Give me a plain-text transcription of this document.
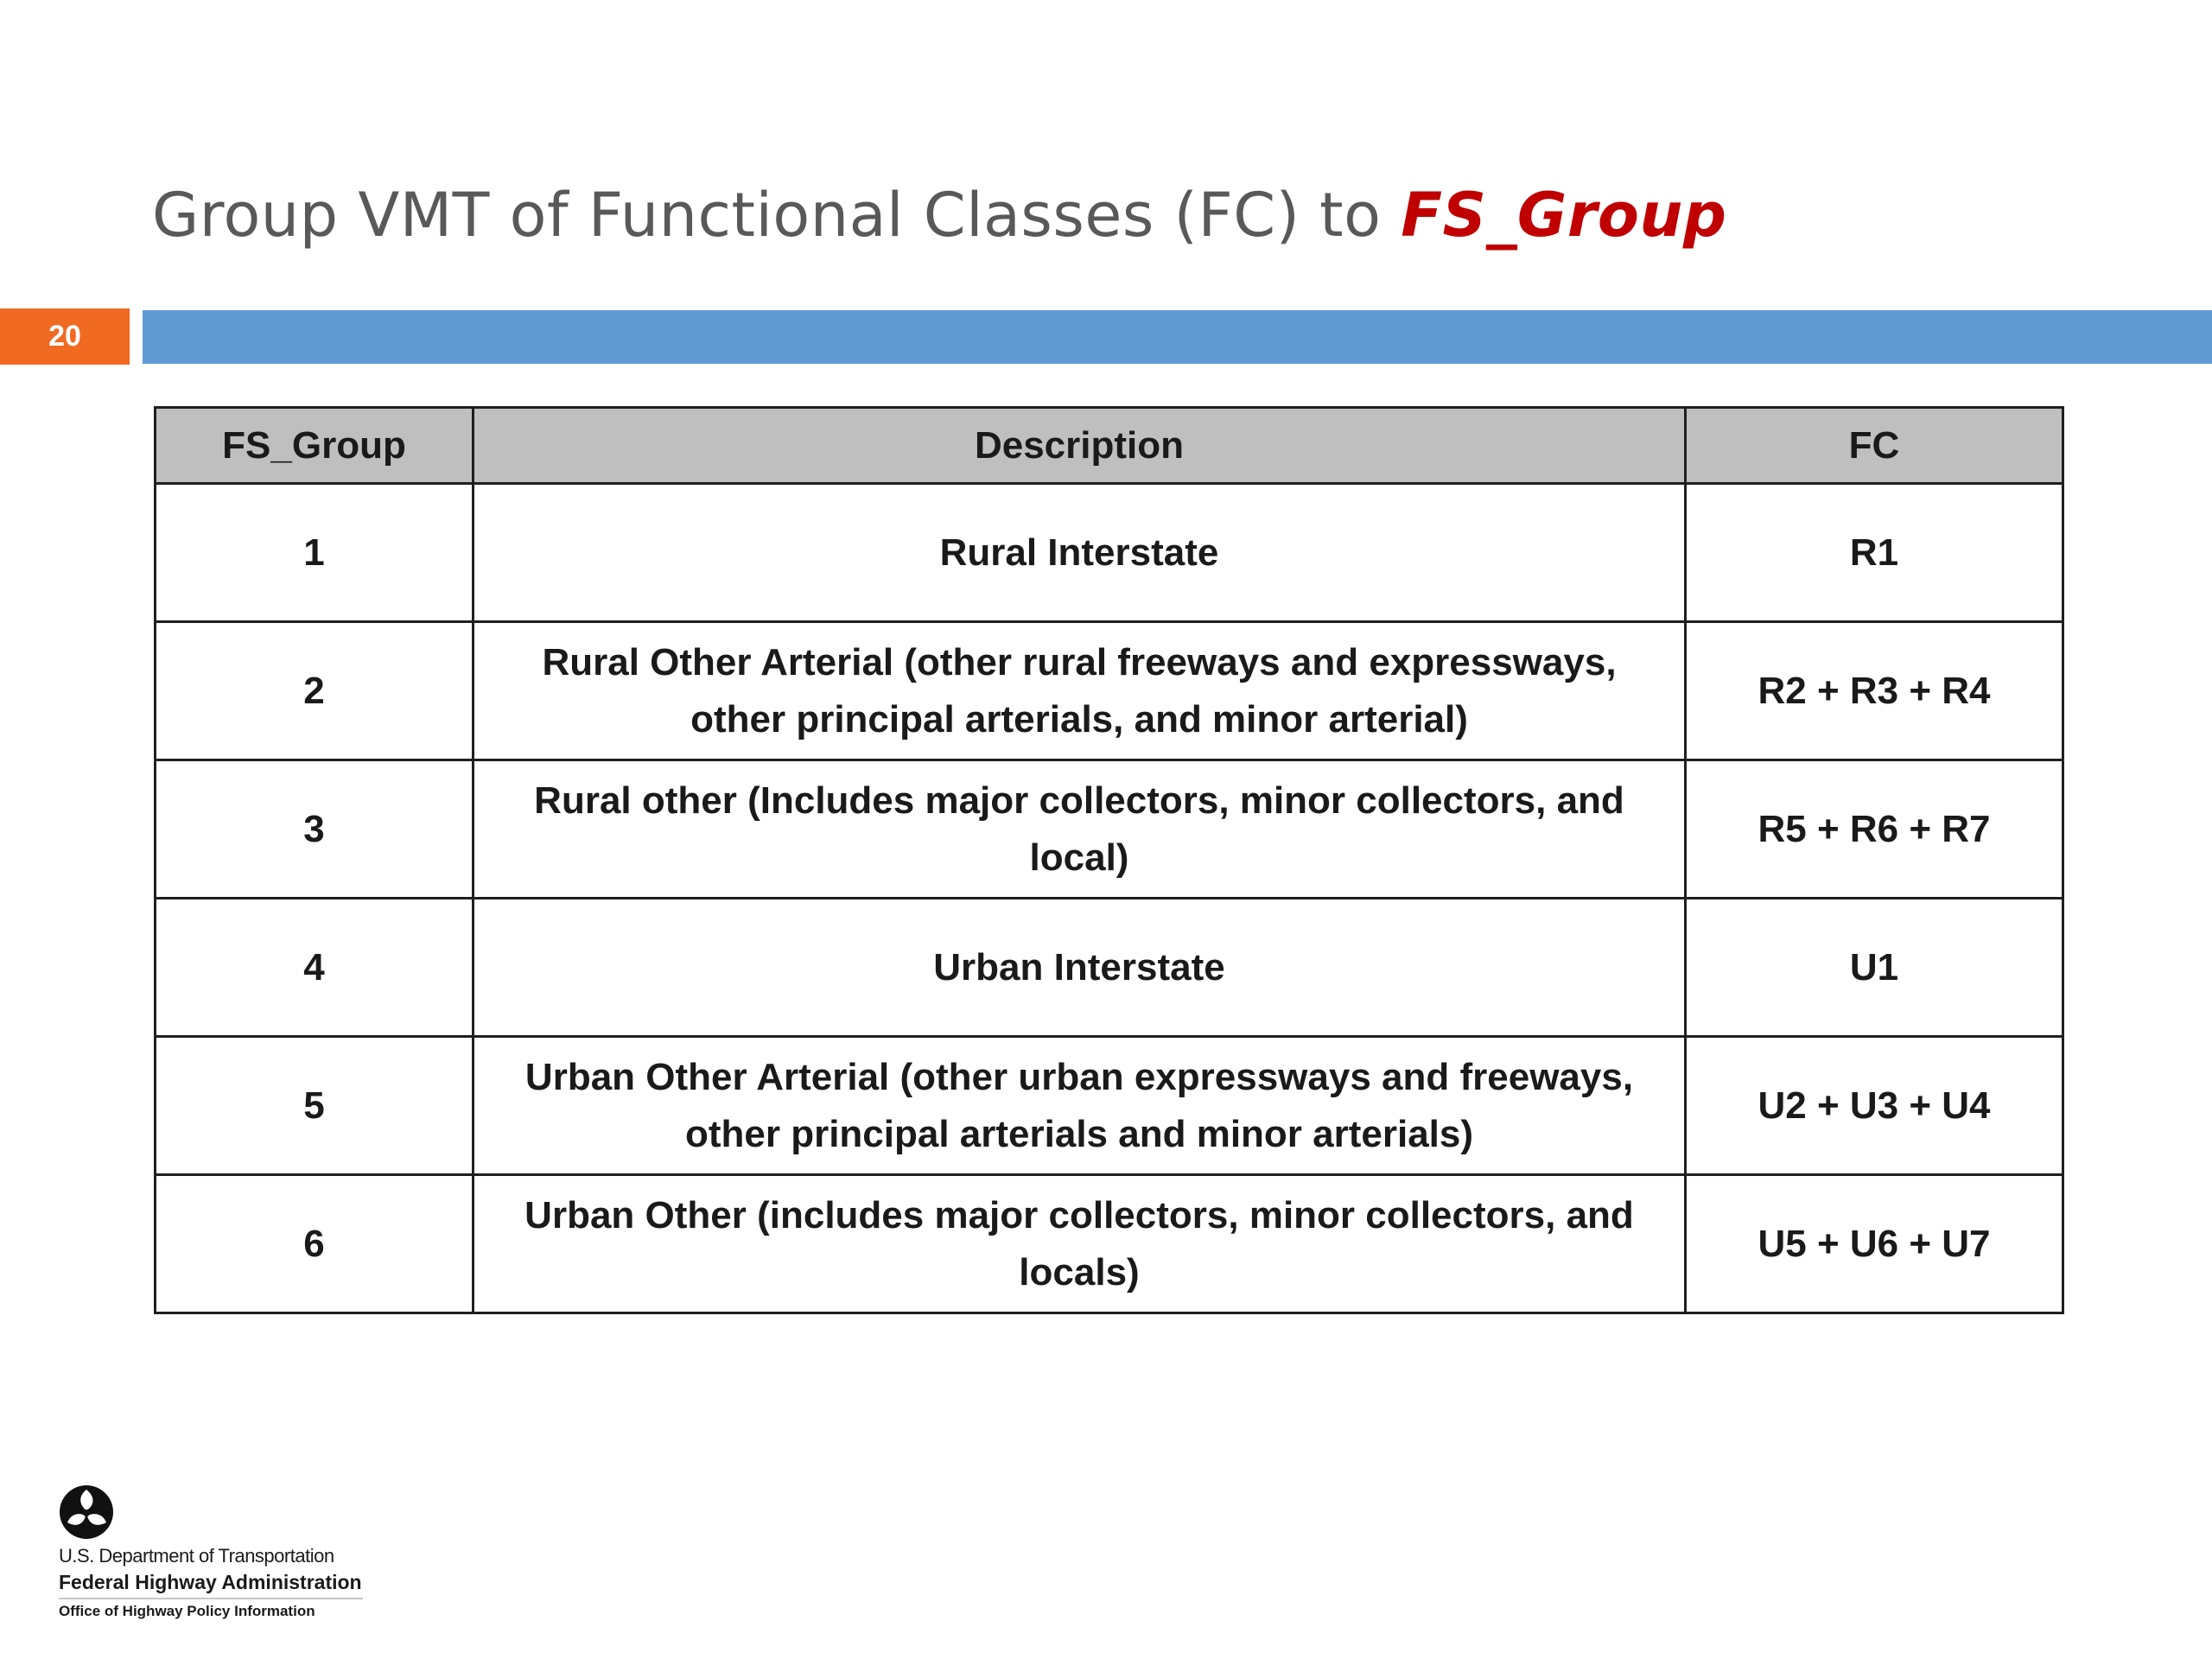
Group VMT of Functional Classes (FC) to FS_Group
20
FS_Group	Description	FC
1	Rural Interstate	R1
2	Rural Other Arterial (other rural freeways and expressways, other principal arterials, and minor arterial)	R2 + R3 + R4
3	Rural other (Includes major collectors, minor collectors, and local)	R5 + R6 + R7
4	Urban Interstate	U1
5	Urban Other Arterial (other urban expressways and freeways, other principal arterials and minor arterials)	U2 + U3 + U4
6	Urban Other (includes major collectors, minor collectors, and locals)	U5 + U6 + U7
U.S. Department of Transportation
Federal Highway Administration
Office of Highway Policy Information
